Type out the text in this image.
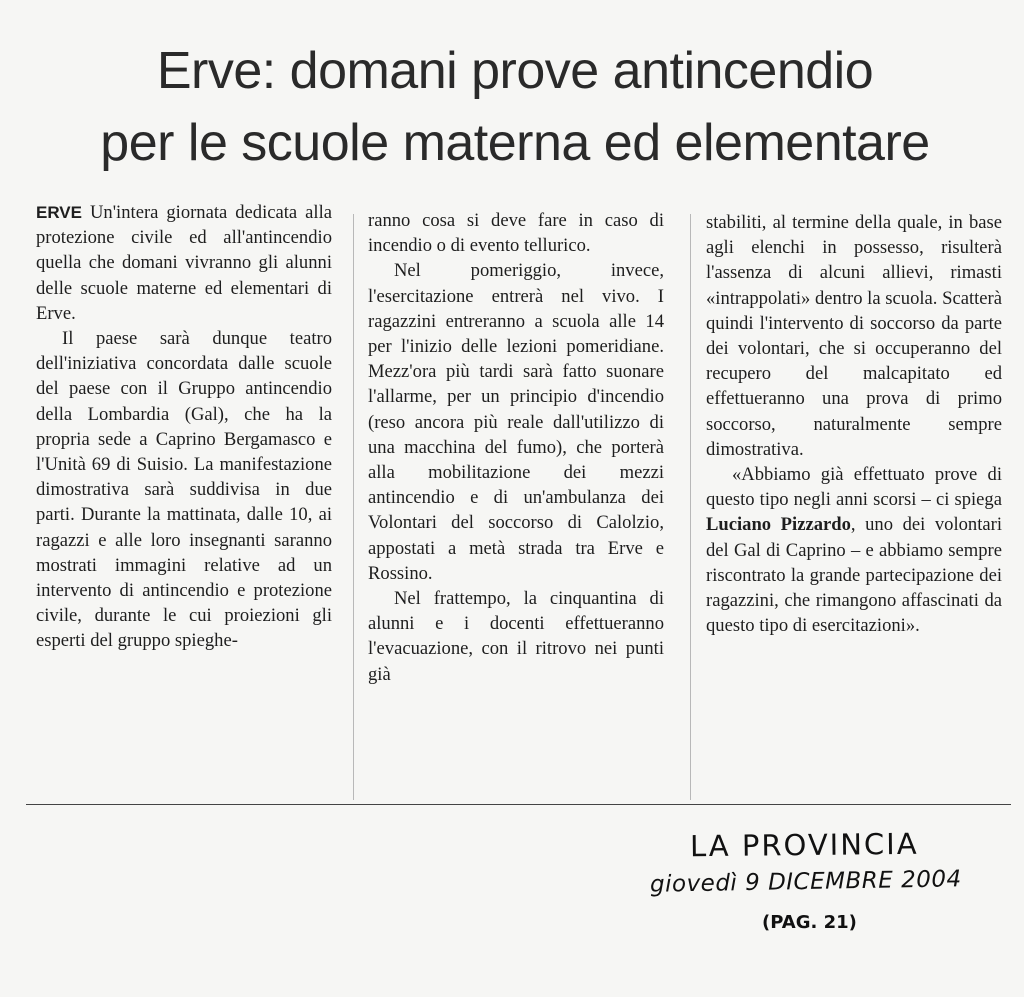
Erve: domani prove antincendio
per le scuole materna ed elementare

ERVE Un'intera giornata dedicata alla protezione civile ed all'antincendio quella che domani vivranno gli alunni delle scuole materne ed elementari di Erve.

Il paese sarà dunque teatro dell'iniziativa concordata dalle scuole del paese con il Gruppo antincendio della Lombardia (Gal), che ha la propria sede a Caprino Bergamasco e l'Unità 69 di Suisio. La manifestazione dimostrativa sarà suddivisa in due parti. Durante la mattinata, dalle 10, ai ragazzi e alle loro insegnanti saranno mostrati immagini relative ad un intervento di antincendio e protezione civile, durante le cui proiezioni gli esperti del gruppo spieghe-

ranno cosa si deve fare in caso di incendio o di evento tellurico.

Nel pomeriggio, invece, l'esercitazione entrerà nel vivo. I ragazzini entreranno a scuola alle 14 per l'inizio delle lezioni pomeridiane. Mezz'ora più tardi sarà fatto suonare l'allarme, per un principio d'incendio (reso ancora più reale dall'utilizzo di una macchina del fumo), che porterà alla mobilitazione dei mezzi antincendio e di un'ambulanza dei Volontari del soccorso di Calolzio, appostati a metà strada tra Erve e Rossino.

Nel frattempo, la cinquantina di alunni e i docenti effettueranno l'evacuazione, con il ritrovo nei punti già

stabiliti, al termine della quale, in base agli elenchi in possesso, risulterà l'assenza di alcuni allievi, rimasti «intrappolati» dentro la scuola. Scatterà quindi l'intervento di soccorso da parte dei volontari, che si occuperanno del recupero del malcapitato ed effettueranno una prova di primo soccorso, naturalmente sempre dimostrativa.

«Abbiamo già effettuato prove di questo tipo negli anni scorsi – ci spiega Luciano Pizzardo, uno dei volontari del Gal di Caprino – e abbiamo sempre riscontrato la grande partecipazione dei ragazzini, che rimangono affascinati da questo tipo di esercitazioni».

LA PROVINCIA
giovedì 9 DICEMBRE 2004
(PAG. 21)
